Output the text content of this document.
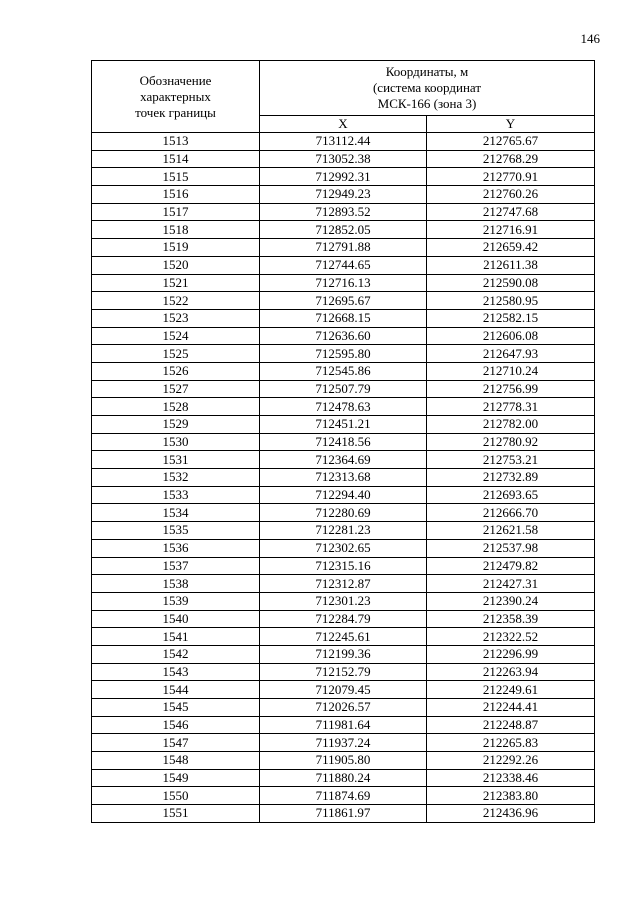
146
Обозначение
характерных
точек границы	Координаты, м
(система координат
МСК-166 (зона 3)	
	X	Y
1513	713112.44	212765.67
1514	713052.38	212768.29
1515	712992.31	212770.91
1516	712949.23	212760.26
1517	712893.52	212747.68
1518	712852.05	212716.91
1519	712791.88	212659.42
1520	712744.65	212611.38
1521	712716.13	212590.08
1522	712695.67	212580.95
1523	712668.15	212582.15
1524	712636.60	212606.08
1525	712595.80	212647.93
1526	712545.86	212710.24
1527	712507.79	212756.99
1528	712478.63	212778.31
1529	712451.21	212782.00
1530	712418.56	212780.92
1531	712364.69	212753.21
1532	712313.68	212732.89
1533	712294.40	212693.65
1534	712280.69	212666.70
1535	712281.23	212621.58
1536	712302.65	212537.98
1537	712315.16	212479.82
1538	712312.87	212427.31
1539	712301.23	212390.24
1540	712284.79	212358.39
1541	712245.61	212322.52
1542	712199.36	212296.99
1543	712152.79	212263.94
1544	712079.45	212249.61
1545	712026.57	212244.41
1546	711981.64	212248.87
1547	711937.24	212265.83
1548	711905.80	212292.26
1549	711880.24	212338.46
1550	711874.69	212383.80
1551	711861.97	212436.96
